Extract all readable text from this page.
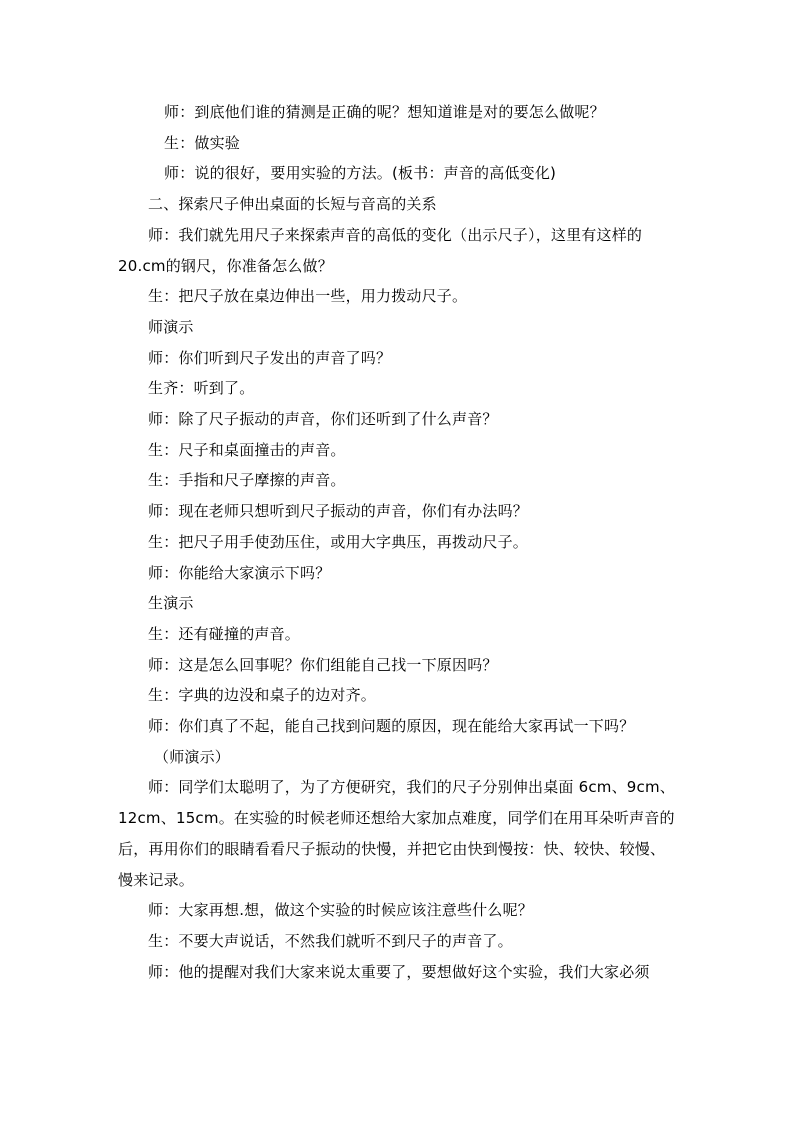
师：到底他们谁的猜测是正确的呢？想知道谁是对的要怎么做呢？

生：做实验

师：说的很好，要用实验的方法。(板书：声音的高低变化)

二、探索尺子伸出桌面的长短与音高的关系

师：我们就先用尺子来探索声音的高低的变化（出示尺子），这里有这样的

20.cm的钢尺，你准备怎么做？

生：把尺子放在桌边伸出一些，用力拨动尺子。

师演示

师：你们听到尺子发出的声音了吗？

生齐：听到了。

师：除了尺子振动的声音，你们还听到了什么声音？

生：尺子和桌面撞击的声音。

生：手指和尺子摩擦的声音。

师：现在老师只想听到尺子振动的声音，你们有办法吗？

生：把尺子用手使劲压住，或用大字典压，再拨动尺子。

师：你能给大家演示下吗？

生演示

生：还有碰撞的声音。

师：这是怎么回事呢？你们组能自己找一下原因吗？

生：字典的边没和桌子的边对齐。

师：你们真了不起，能自己找到问题的原因，现在能给大家再试一下吗？

（师演示）

师：同学们太聪明了，为了方便研究，我们的尺子分别伸出桌面 6cm、9cm、

12cm、15cm。在实验的时候老师还想给大家加点难度，同学们在用耳朵听声音的

后，再用你们的眼睛看看尺子振动的快慢，并把它由快到慢按：快、较快、较慢、

慢来记录。

师：大家再想.想，做这个实验的时候应该注意些什么呢？

生：不要大声说话，不然我们就听不到尺子的声音了。

师：他的提醒对我们大家来说太重要了，要想做好这个实验，我们大家必须
